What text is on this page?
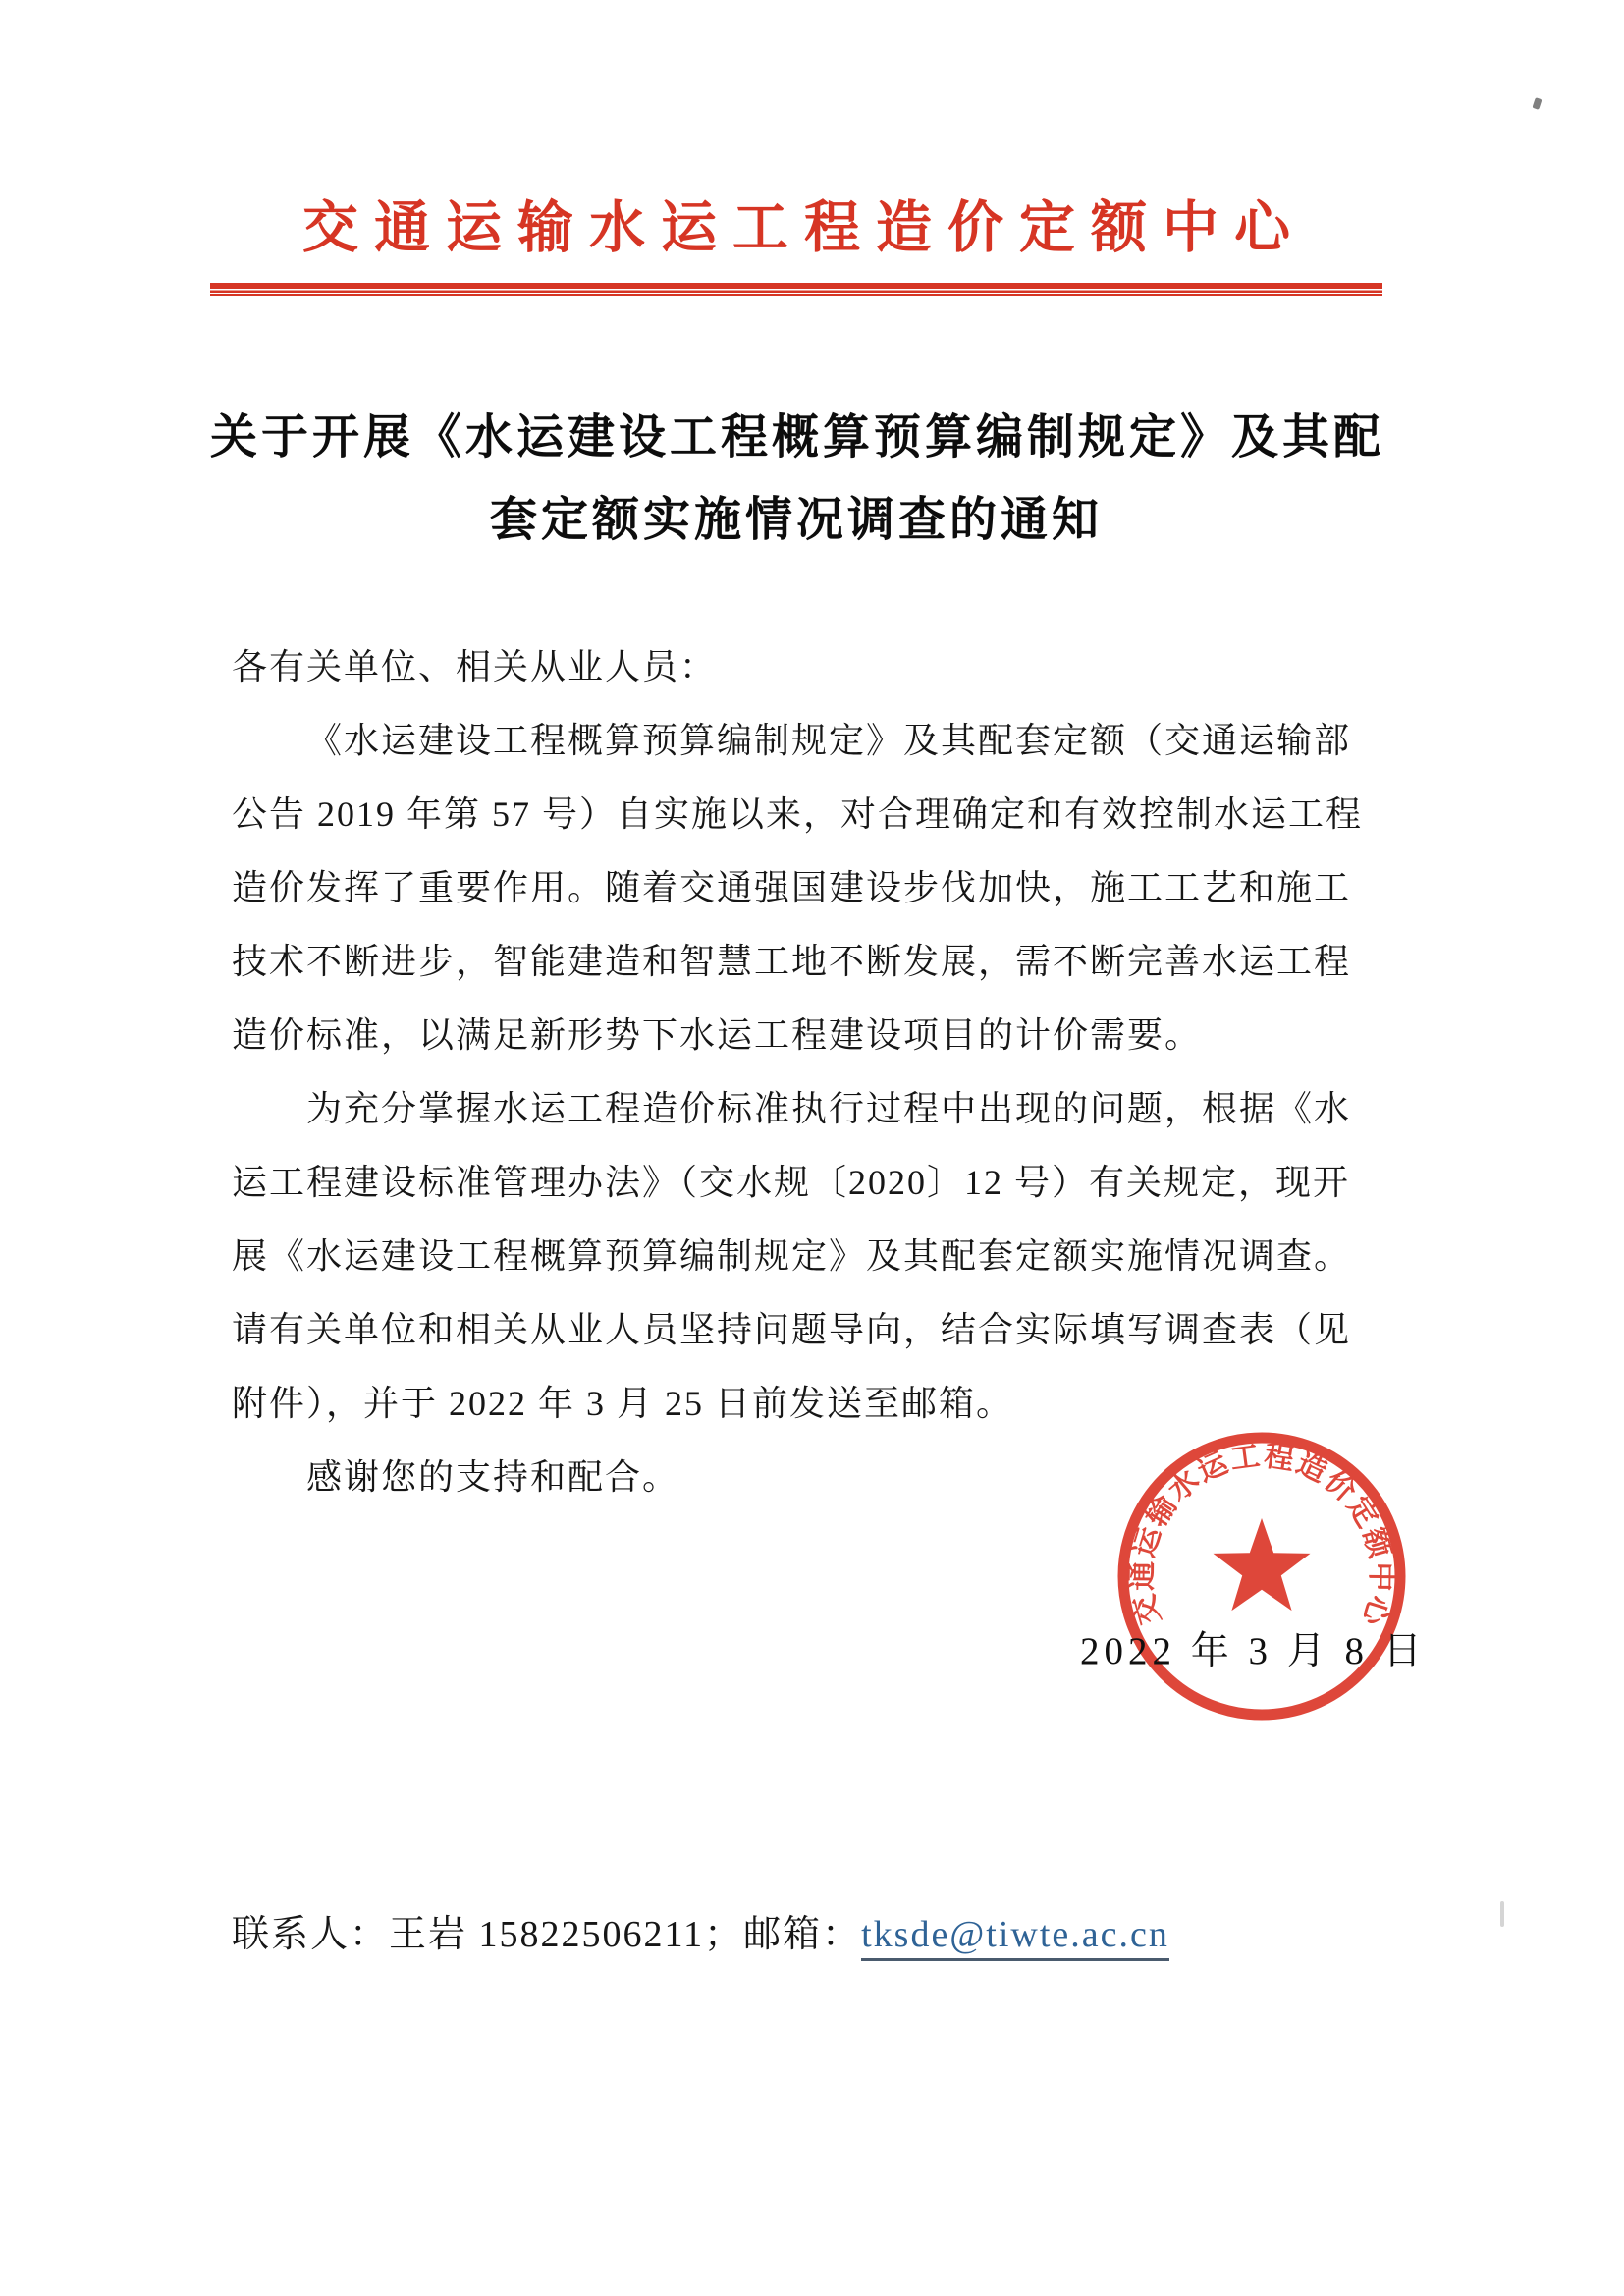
交通运输水运工程造价定额中心
关于开展《水运建设工程概算预算编制规定》及其配
套定额实施情况调查的通知
各有关单位、相关从业人员：
《水运建设工程概算预算编制规定》及其配套定额（交通运输部
公告 2019 年第 57 号）自实施以来，对合理确定和有效控制水运工程
造价发挥了重要作用。随着交通强国建设步伐加快，施工工艺和施工
技术不断进步，智能建造和智慧工地不断发展，需不断完善水运工程
造价标准，以满足新形势下水运工程建设项目的计价需要。
为充分掌握水运工程造价标准执行过程中出现的问题，根据《水
运工程建设标准管理办法》（交水规〔2020〕12 号）有关规定，现开
展《水运建设工程概算预算编制规定》及其配套定额实施情况调查。
请有关单位和相关从业人员坚持问题导向，结合实际填写调查表（见
附件），并于 2022 年 3 月 25 日前发送至邮箱。
感谢您的支持和配合。
交通运输水运工程造价定额中心
2022 年 3 月 8 日
联系人：王岩 15822506211；邮箱：tksde@tiwte.ac.cn
